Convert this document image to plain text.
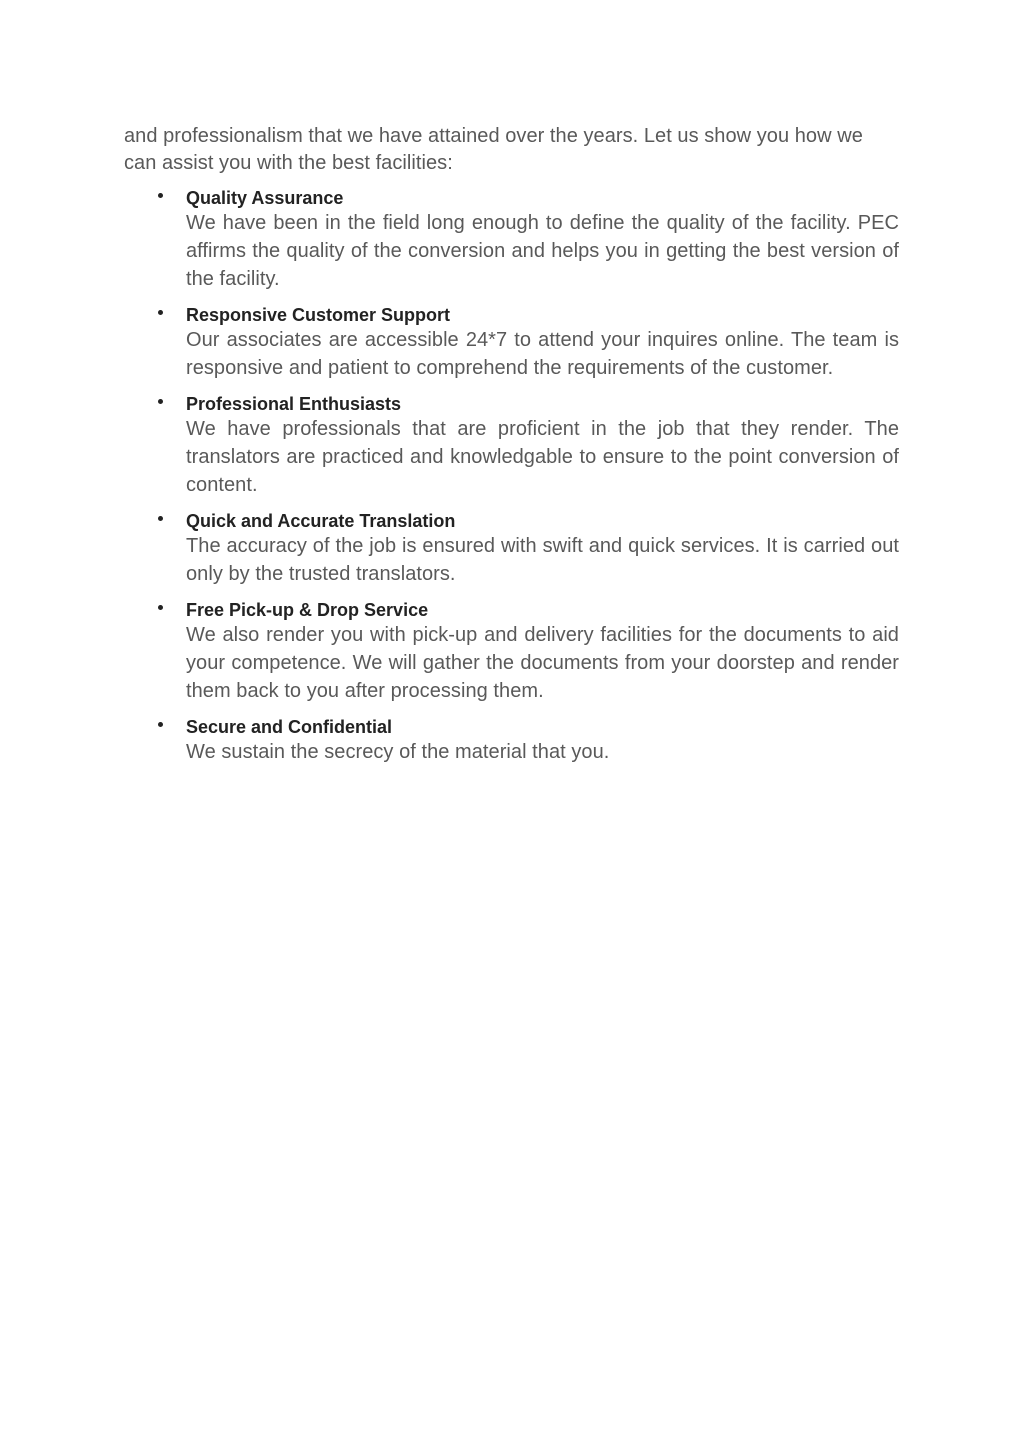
and professionalism that we have attained over the years. Let us show you how we can assist you with the best facilities:

Quality Assurance
We have been in the field long enough to define the quality of the facility. PEC affirms the quality of the conversion and helps you in getting the best version of the facility.
Responsive Customer Support
Our associates are accessible 24*7 to attend your inquires online. The team is responsive and patient to comprehend the requirements of the customer.
Professional Enthusiasts
We have professionals that are proficient in the job that they render. The translators are practiced and knowledgable to ensure to the point conversion of content.
Quick and Accurate Translation
The accuracy of the job is ensured with swift and quick services. It is carried out only by the trusted translators.
Free Pick-up & Drop Service
We also render you with pick-up and delivery facilities for the documents to aid your competence. We will gather the documents from your doorstep and render them back to you after processing them.
Secure and Confidential
We sustain the secrecy of the material that you.
